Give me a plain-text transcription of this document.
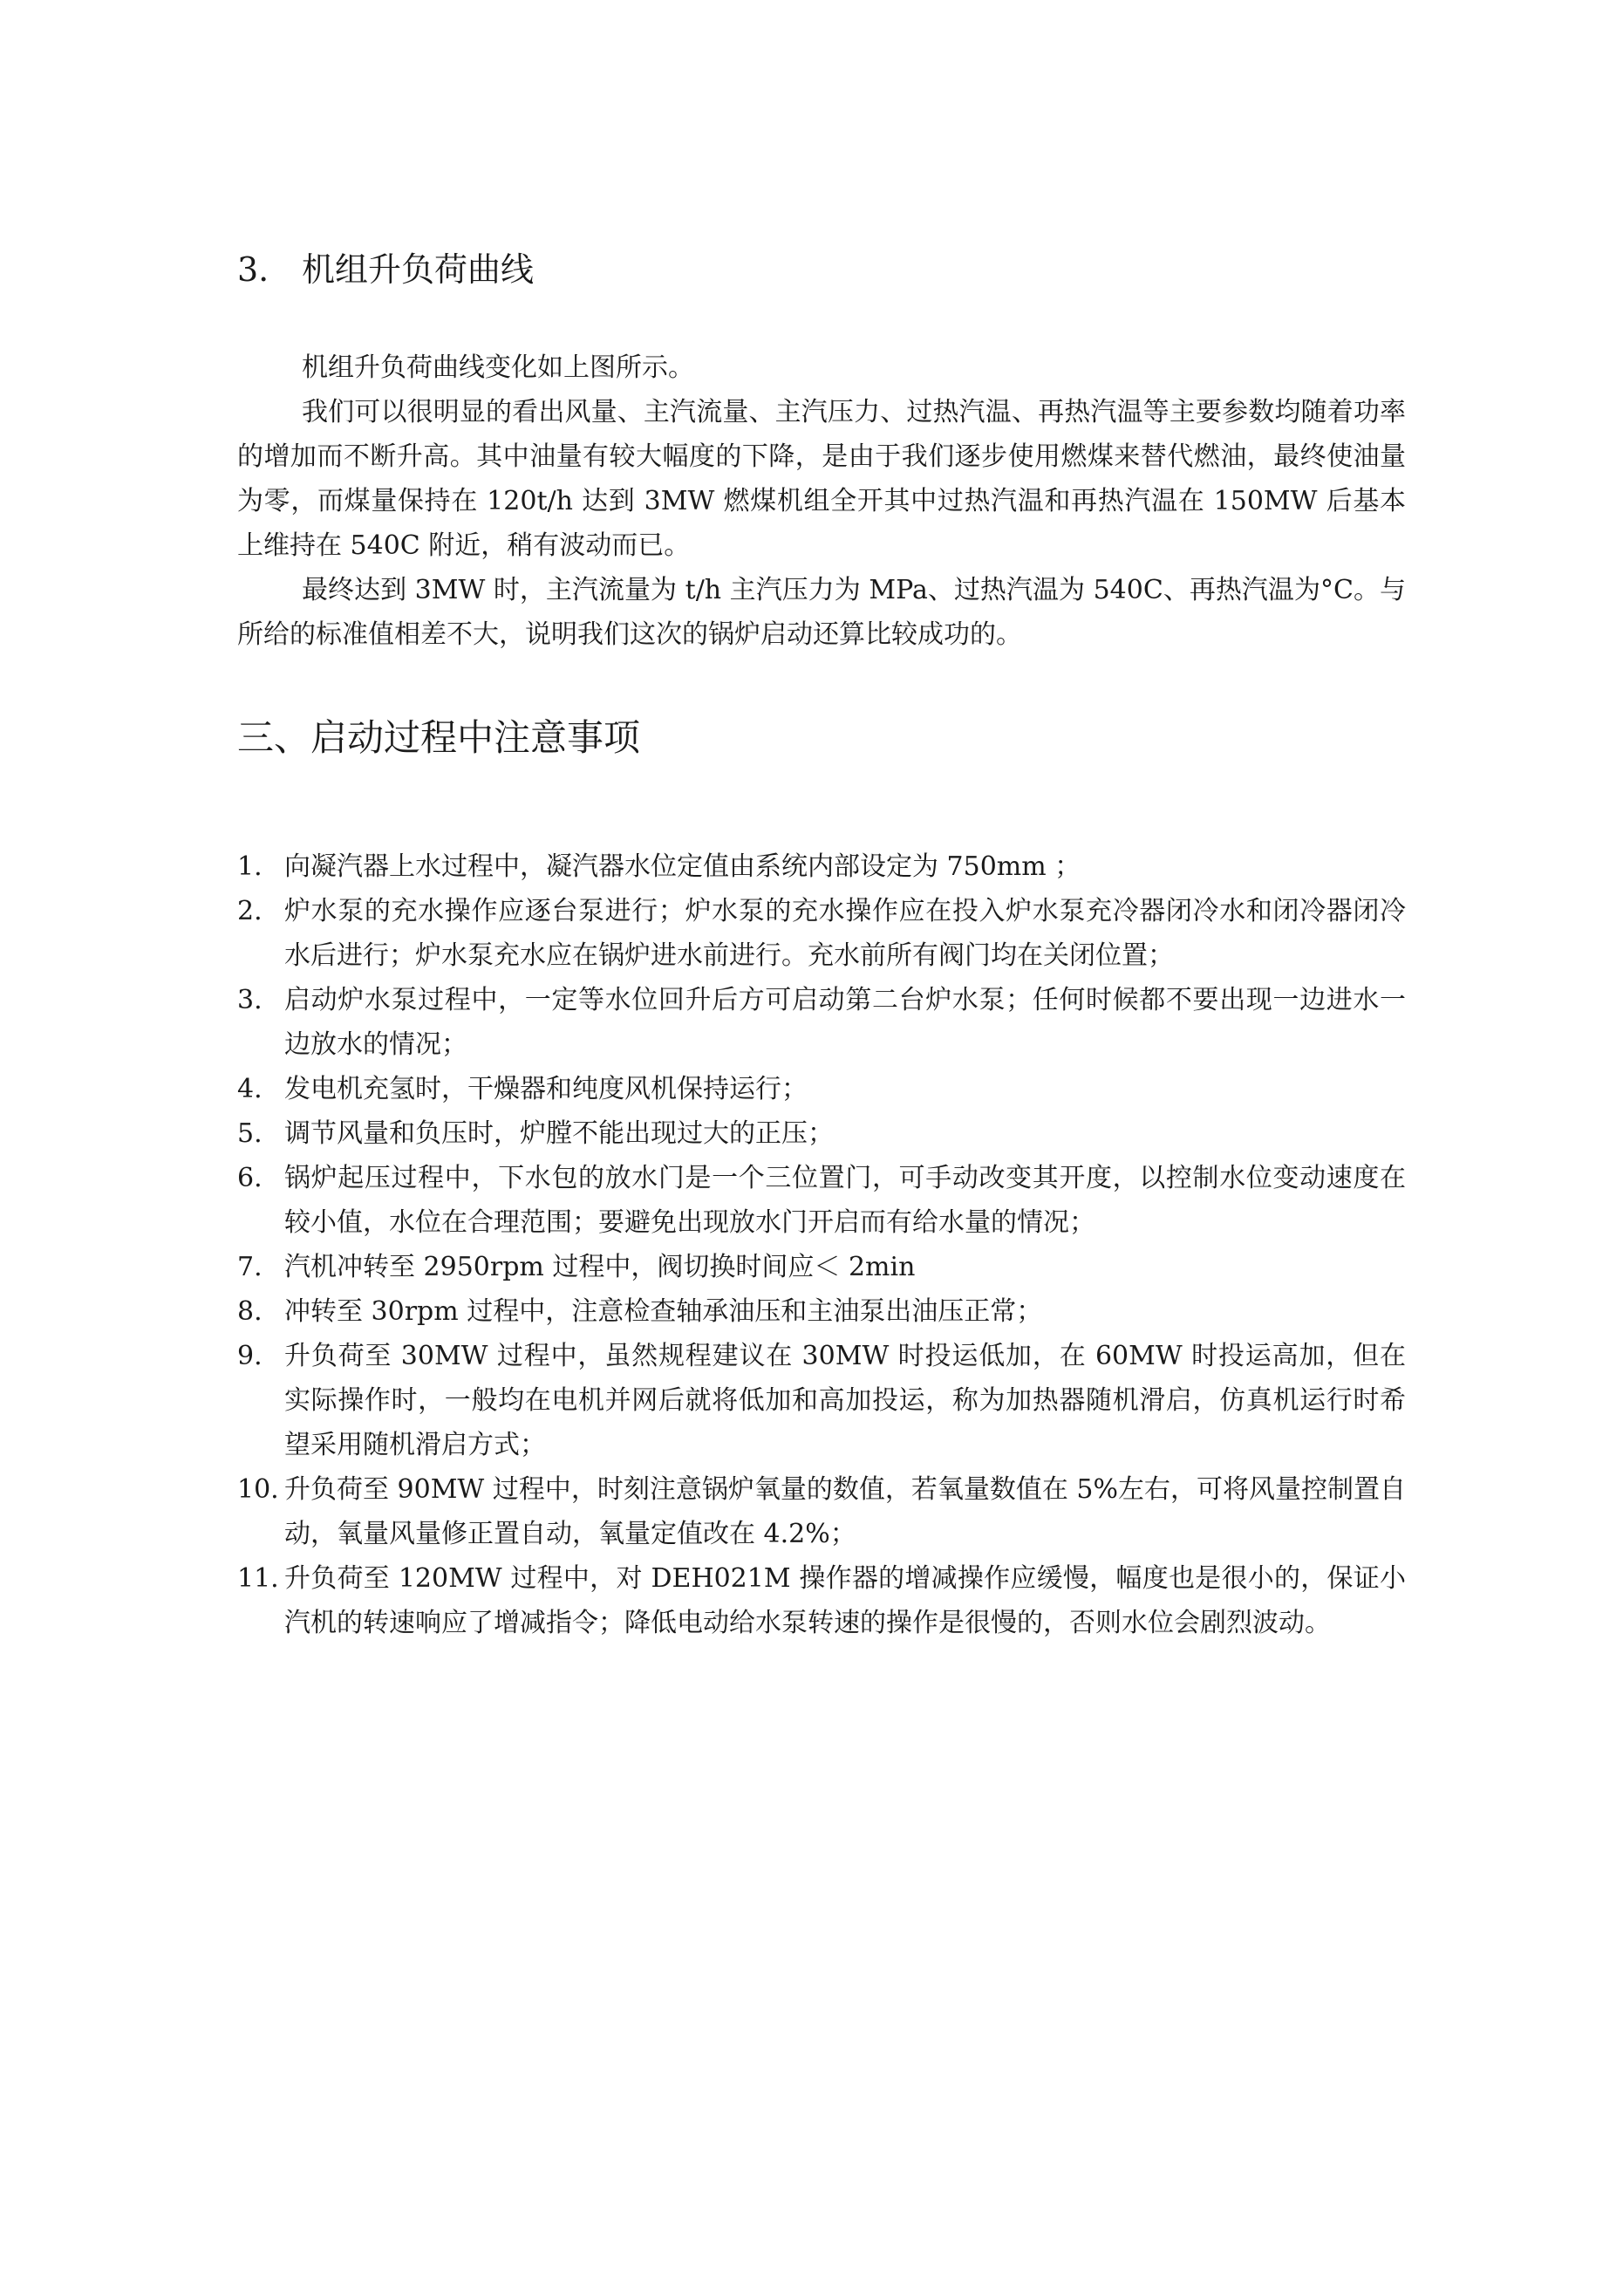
3. 机组升负荷曲线

机组升负荷曲线变化如上图所示。

我们可以很明显的看出风量、主汽流量、主汽压力、过热汽温、再热汽温等主要参数均随着功率的增加而不断升高。其中油量有较大幅度的下降，是由于我们逐步使用燃煤来替代燃油，最终使油量为零，而煤量保持在 120t/h 达到 3MW 燃煤机组全开其中过热汽温和再热汽温在 150MW 后基本上维持在 540C 附近，稍有波动而已。

最终达到 3MW 时，主汽流量为 t/h 主汽压力为 MPa、过热汽温为 540C、再热汽温为°C。与所给的标准值相差不大，说明我们这次的锅炉启动还算比较成功的。

三、启动过程中注意事项
1. 向凝汽器上水过程中，凝汽器水位定值由系统内部设定为 750mm ；
2. 炉水泵的充水操作应逐台泵进行；炉水泵的充水操作应在投入炉水泵充冷器闭冷水和闭冷器闭冷水后进行；炉水泵充水应在锅炉进水前进行。充水前所有阀门均在关闭位置；
3. 启动炉水泵过程中，一定等水位回升后方可启动第二台炉水泵；任何时候都不要出现一边进水一边放水的情况；
4. 发电机充氢时，干燥器和纯度风机保持运行；
5. 调节风量和负压时，炉膛不能出现过大的正压；
6. 锅炉起压过程中，下水包的放水门是一个三位置门，可手动改变其开度，以控制水位变动速度在较小值，水位在合理范围；要避免出现放水门开启而有给水量的情况；
7. 汽机冲转至 2950rpm 过程中，阀切换时间应＜ 2min
8. 冲转至 30rpm 过程中，注意检查轴承油压和主油泵出油压正常；
9. 升负荷至 30MW 过程中，虽然规程建议在 30MW 时投运低加，在 60MW 时投运高加，但在实际操作时，一般均在电机并网后就将低加和高加投运，称为加热器随机滑启，仿真机运行时希望采用随机滑启方式；
10. 升负荷至 90MW 过程中，时刻注意锅炉氧量的数值，若氧量数值在 5%左右，可将风量控制置自动，氧量风量修正置自动，氧量定值改在 4.2%；
11. 升负荷至 120MW 过程中，对 DEH021M 操作器的增减操作应缓慢，幅度也是很小的，保证小汽机的转速响应了增减指令；降低电动给水泵转速的操作是很慢的，否则水位会剧烈波动。
